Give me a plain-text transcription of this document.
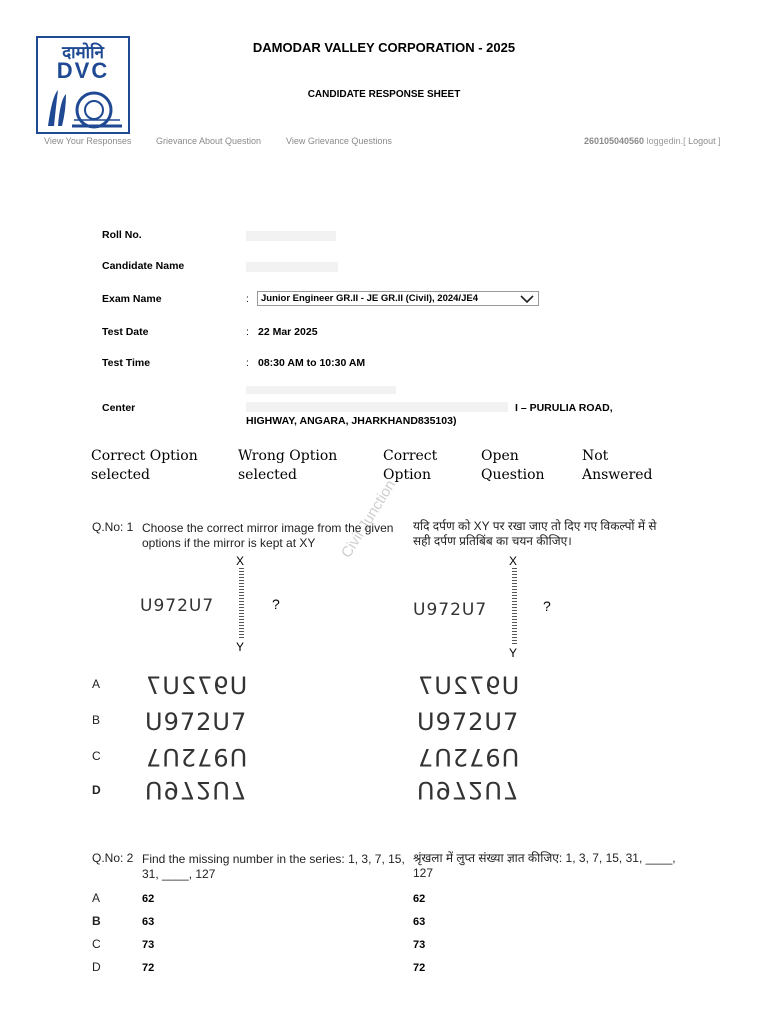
दामोनि
DVC
DAMODAR VALLEY CORPORATION - 2025
CANDIDATE RESPONSE SHEET
View Your Responses	Grievance About Question	View Grievance Questions	260105040560 loggedin.[ Logout ]
Roll No.
Candidate Name
Exam Name	:	Junior Engineer GR.II - JE GR.II (Civil), 2024/JE4
Test Date	: 22 Mar 2025
Test Time	: 08:30 AM to 10:30 AM
Center	I – PURULIA ROAD,
HIGHWAY, ANGARA, JHARKHAND835103)
Correct Option
selected
Wrong Option
selected
Correct
Option
Open
Question
Not
Answered
Civil Junction
Q.No: 1 Choose the correct mirror image from the given
options if the mirror is kept at XY
यदि दर्पण को XY पर रखा जाए तो दिए गए विकल्पों में से
सही दर्पण प्रतिबिंब का चयन कीजिए।
U972U7
X
Y
?	U972U7
X
Y
?
A U972U7	U972U7
B U972U7	U972U7
C U972U7	U972U7
D U972U7	U972U7
Q.No: 2 Find the missing number in the series: 1, 3, 7, 15,
31, ____, 127
श्रृंखला में लुप्त संख्या ज्ञात कीजिए: 1, 3, 7, 15, 31, ____,
127
A	62	62
B	63	63
C	73	73
D	72	72
